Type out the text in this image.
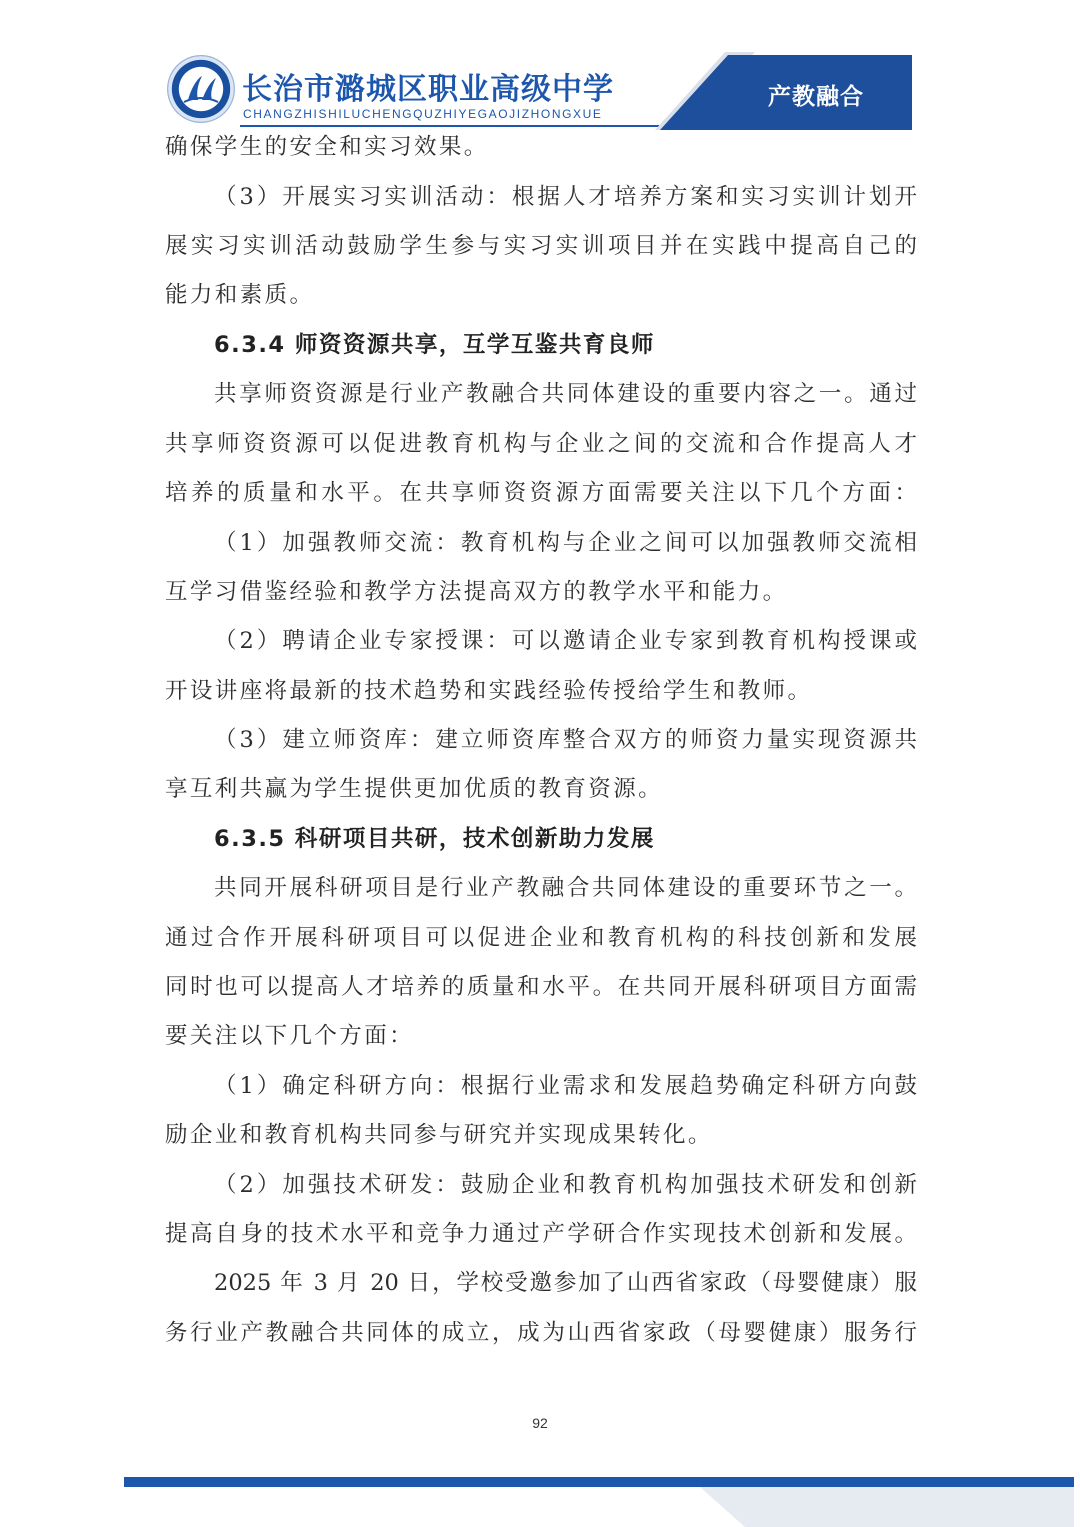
长治市潞城区职业高级中学
CHANGZHISHILUCHENGQUZHIYEGAOJIZHONGXUE
产教融合
确保学生的安全和实习效果。
（3）开展实习实训活动：根据人才培养方案和实习实训计划开
展实习实训活动鼓励学生参与实习实训项目并在实践中提高自己的
能力和素质。
6.3.4 师资资源共享，互学互鉴共育良师
共享师资资源是行业产教融合共同体建设的重要内容之一。通过
共享师资资源可以促进教育机构与企业之间的交流和合作提高人才
培养的质量和水平。在共享师资资源方面需要关注以下几个方面：
（1）加强教师交流：教育机构与企业之间可以加强教师交流相
互学习借鉴经验和教学方法提高双方的教学水平和能力。
（2）聘请企业专家授课：可以邀请企业专家到教育机构授课或
开设讲座将最新的技术趋势和实践经验传授给学生和教师。
（3）建立师资库：建立师资库整合双方的师资力量实现资源共
享互利共赢为学生提供更加优质的教育资源。
6.3.5 科研项目共研，技术创新助力发展
共同开展科研项目是行业产教融合共同体建设的重要环节之一。
通过合作开展科研项目可以促进企业和教育机构的科技创新和发展
同时也可以提高人才培养的质量和水平。在共同开展科研项目方面需
要关注以下几个方面：
（1）确定科研方向：根据行业需求和发展趋势确定科研方向鼓
励企业和教育机构共同参与研究并实现成果转化。
（2）加强技术研发：鼓励企业和教育机构加强技术研发和创新
提高自身的技术水平和竞争力通过产学研合作实现技术创新和发展。
2025 年 3 月 20 日，学校受邀参加了山西省家政（母婴健康）服
务行业产教融合共同体的成立，成为山西省家政（母婴健康）服务行
92
